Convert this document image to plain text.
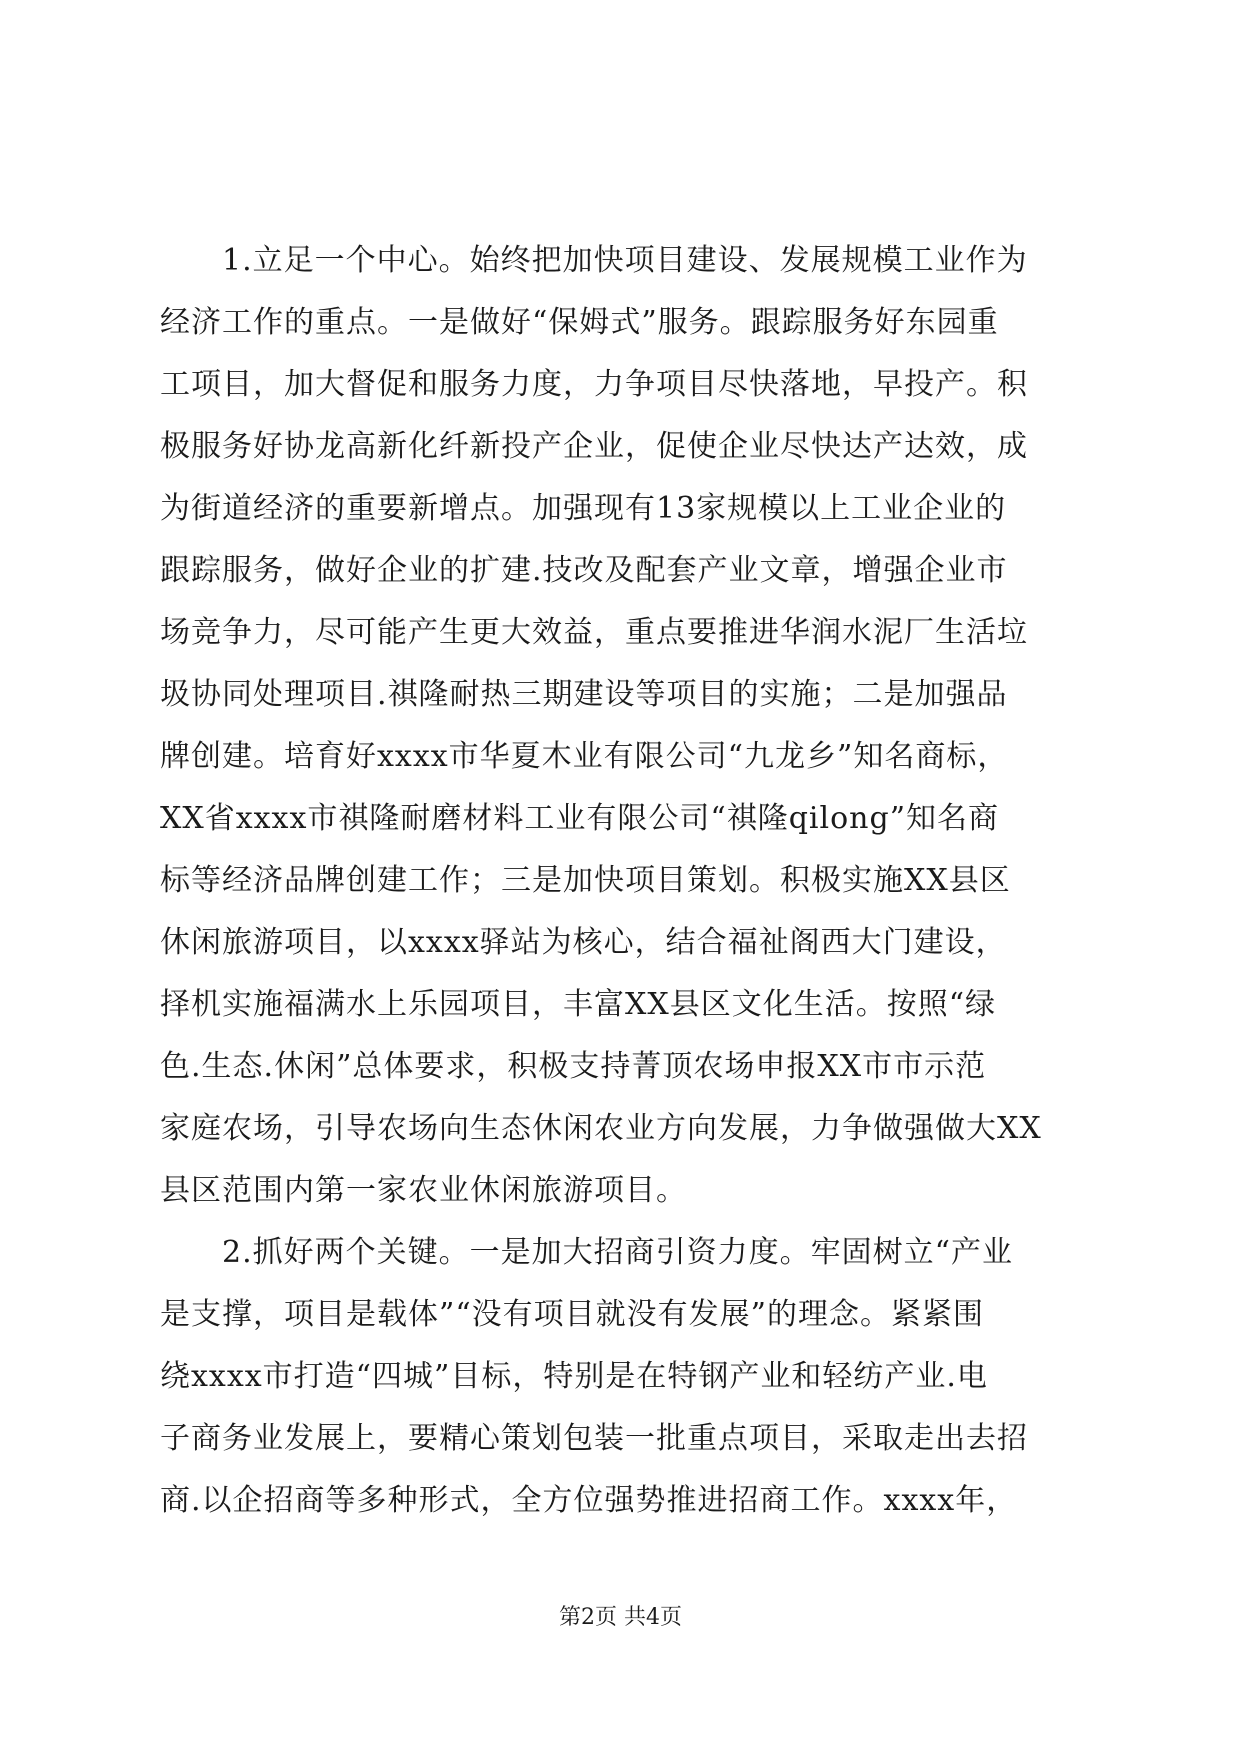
　　1.立足一个中心。始终把加快项目建设、发展规模工业作为
经济工作的重点。一是做好“保姆式”服务。跟踪服务好东园重
工项目，加大督促和服务力度，力争项目尽快落地，早投产。积
极服务好协龙高新化纤新投产企业，促使企业尽快达产达效，成
为街道经济的重要新增点。加强现有13家规模以上工业企业的
跟踪服务，做好企业的扩建.技改及配套产业文章，增强企业市
场竞争力，尽可能产生更大效益，重点要推进华润水泥厂生活垃
圾协同处理项目.祺隆耐热三期建设等项目的实施；二是加强品
牌创建。培育好xxxx市华夏木业有限公司“九龙乡”知名商标，
XX省xxxx市祺隆耐磨材料工业有限公司“祺隆qilong”知名商
标等经济品牌创建工作；三是加快项目策划。积极实施XX县区
休闲旅游项目，以xxxx驿站为核心，结合福祉阁西大门建设，
择机实施福满水上乐园项目，丰富XX县区文化生活。按照“绿
色.生态.休闲”总体要求，积极支持菁顶农场申报XX市市示范
家庭农场，引导农场向生态休闲农业方向发展，力争做强做大XX
县区范围内第一家农业休闲旅游项目。
　　2.抓好两个关键。一是加大招商引资力度。牢固树立“产业
是支撑，项目是载体”“没有项目就没有发展”的理念。紧紧围
绕xxxx市打造“四城”目标，特别是在特钢产业和轻纺产业.电
子商务业发展上，要精心策划包装一批重点项目，采取走出去招
商.以企招商等多种形式，全方位强势推进招商工作。xxxx年，
第2页 共4页
